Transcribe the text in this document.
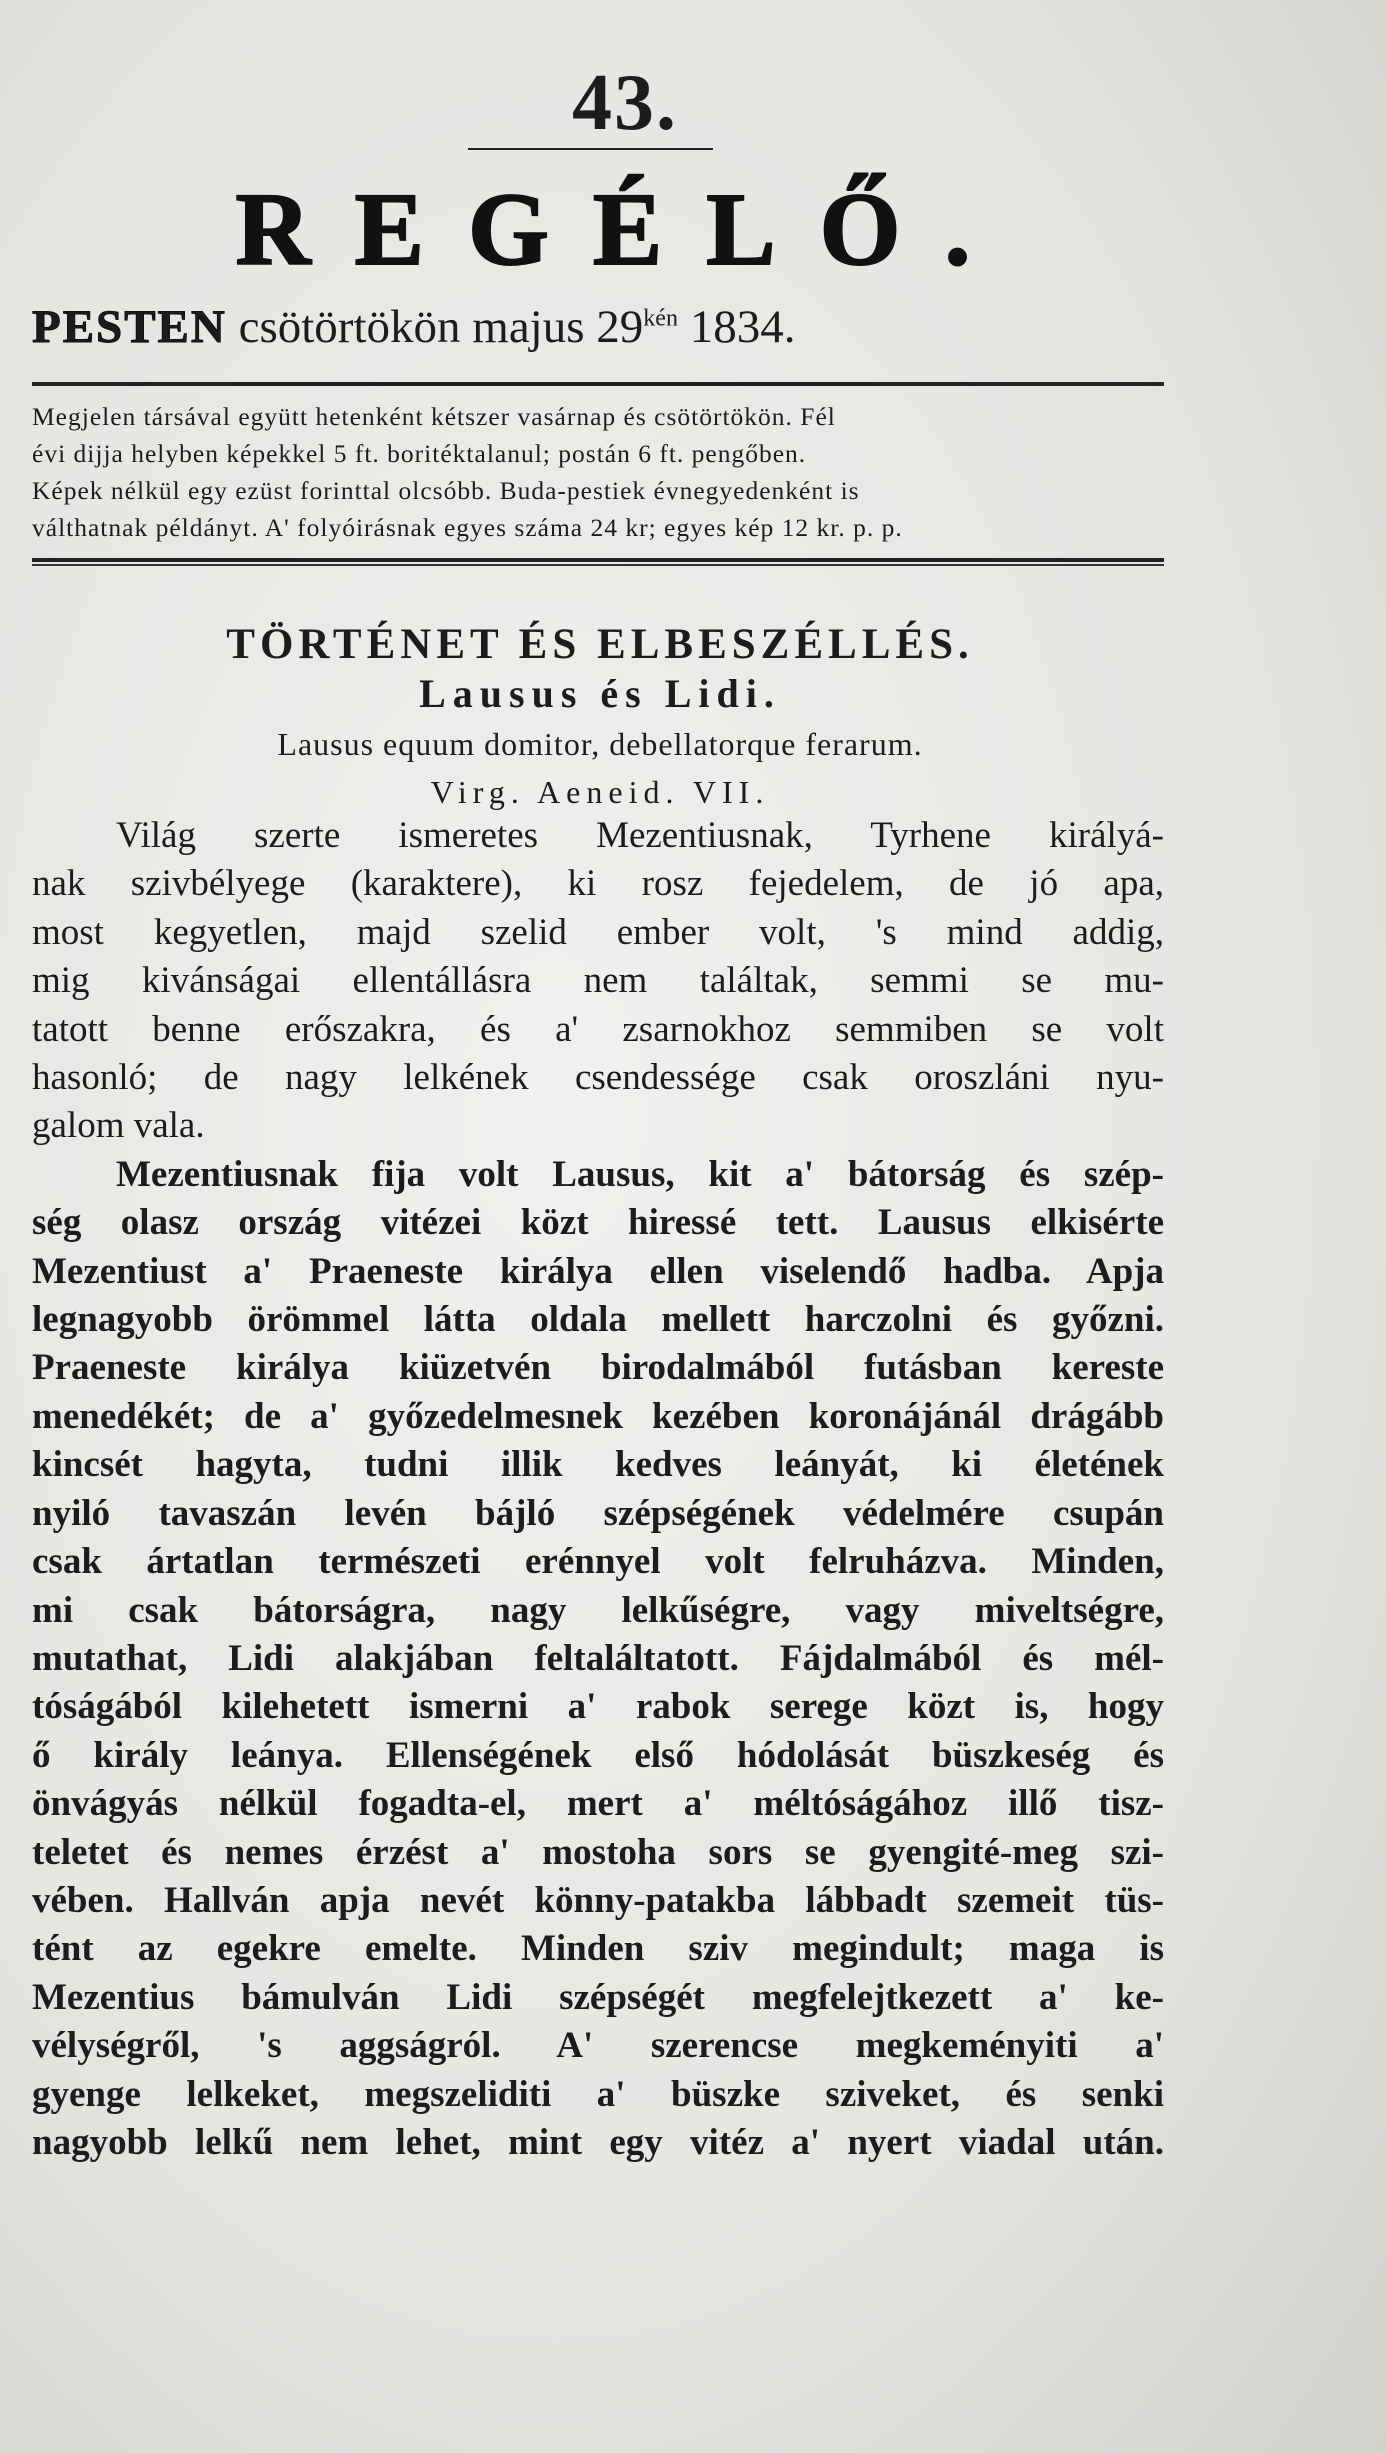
43.
REGÉLŐ.
PESTEN csötörtökön majus $29^{kén}$ 1834.
Megjelen társával együtt hetenként kétszer vasárnap és csötörtökön. Fél
évi dijja helyben képekkel 5 ft. boritéktalanul; postán 6 ft. pengőben.
Képek nélkül egy ezüst forinttal olcsóbb. Buda-pestiek évnegyedenként is
válthatnak példányt. A' folyóirásnak egyes száma 24 kr; egyes kép 12 kr. p. p.
TÖRTÉNET ÉS ELBESZÉLLÉS.
Lausus és Lidi.
Lausus equum domitor, debellatorque ferarum.
Virg. Aeneid. VII.

Világ szerte ismeretes Mezentiusnak, Tyrhene királyá-
nak szivbélyege (karaktere), ki rosz fejedelem, de jó apa,
most kegyetlen, majd szelid ember volt, 's mind addig,
mig kivánságai ellentállásra nem találtak, semmi se mu-
tatott benne erőszakra, és a' zsarnokhoz semmiben se volt
hasonló; de nagy lelkének csendessége csak oroszláni nyu-
galom vala.

Mezentiusnak fija volt Lausus, kit a' bátorság és szép-
ség olasz ország vitézei közt hiressé tett. Lausus elkisérte
Mezentiust a' Praeneste királya ellen viselendő hadba. Apja
legnagyobb örömmel látta oldala mellett harczolni és győzni.
Praeneste királya kiüzetvén birodalmából futásban kereste
menedékét; de a' győzedelmesnek kezében koronájánál drágább
kincsét hagyta, tudni illik kedves leányát, ki életének
nyiló tavaszán levén bájló szépségének védelmére csupán
csak ártatlan természeti erénnyel volt felruházva. Minden,
mi csak bátorságra, nagy lelkűségre, vagy miveltségre,
mutathat, Lidi alakjában feltaláltatott. Fájdalmából és mél-
tóságából kilehetett ismerni a' rabok serege közt is, hogy
ő király leánya. Ellenségének első hódolását büszkeség és
önvágyás nélkül fogadta-el, mert a' méltóságához illő tisz-
teletet és nemes érzést a' mostoha sors se gyengité-meg szi-
vében. Hallván apja nevét könny-patakba lábbadt szemeit tüs-
tént az egekre emelte. Minden sziv megindult; maga is
Mezentius bámulván Lidi szépségét megfelejtkezett a' ke-
vélységről, 's aggságról. A' szerencse megkeményiti a'
gyenge lelkeket, megszeliditi a' büszke sziveket, és senki
nagyobb lelkű nem lehet, mint egy vitéz a' nyert viadal után.
